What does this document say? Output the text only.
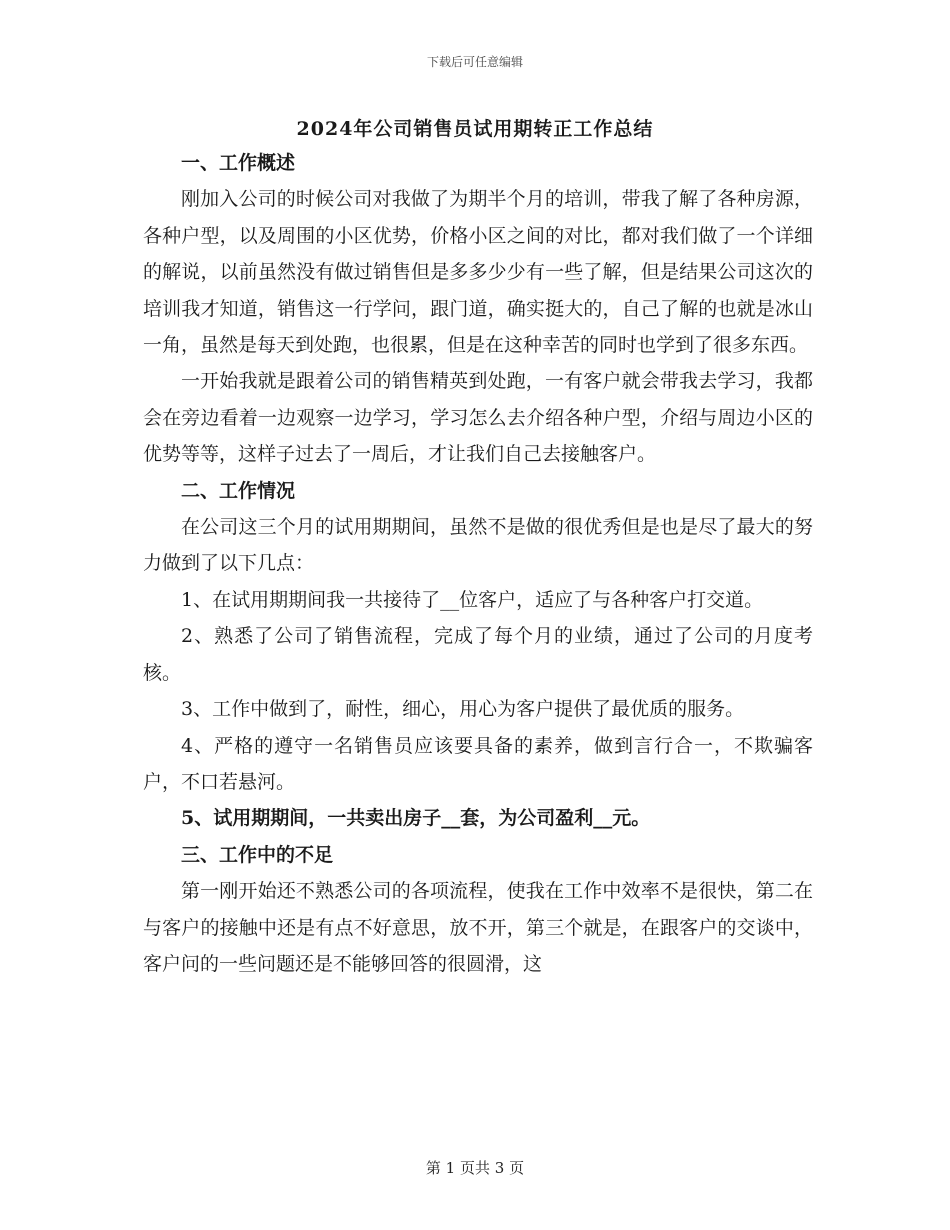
下载后可任意编辑
2024年公司销售员试用期转正工作总结
一、工作概述

刚加入公司的时候公司对我做了为期半个月的培训，带我了解了各种房源，各种户型，以及周围的小区优势，价格小区之间的对比，都对我们做了一个详细的解说，以前虽然没有做过销售但是多多少少有一些了解，但是结果公司这次的培训我才知道，销售这一行学问，跟门道，确实挺大的，自己了解的也就是冰山一角，虽然是每天到处跑，也很累，但是在这种幸苦的同时也学到了很多东西。

一开始我就是跟着公司的销售精英到处跑，一有客户就会带我去学习，我都会在旁边看着一边观察一边学习，学习怎么去介绍各种户型，介绍与周边小区的优势等等，这样子过去了一周后，才让我们自己去接触客户。

二、工作情况

在公司这三个月的试用期期间，虽然不是做的很优秀但是也是尽了最大的努力做到了以下几点：

1、在试用期期间我一共接待了__位客户，适应了与各种客户打交道。

2、熟悉了公司了销售流程，完成了每个月的业绩，通过了公司的月度考核。

3、工作中做到了，耐性，细心，用心为客户提供了最优质的服务。

4、严格的遵守一名销售员应该要具备的素养，做到言行合一，不欺骗客户，不口若悬河。

5、试用期期间，一共卖出房子__套，为公司盈利__元。

三、工作中的不足

第一刚开始还不熟悉公司的各项流程，使我在工作中效率不是很快，第二在与客户的接触中还是有点不好意思，放不开，第三个就是，在跟客户的交谈中，客户问的一些问题还是不能够回答的很圆滑，这

第 1 页共 3 页
